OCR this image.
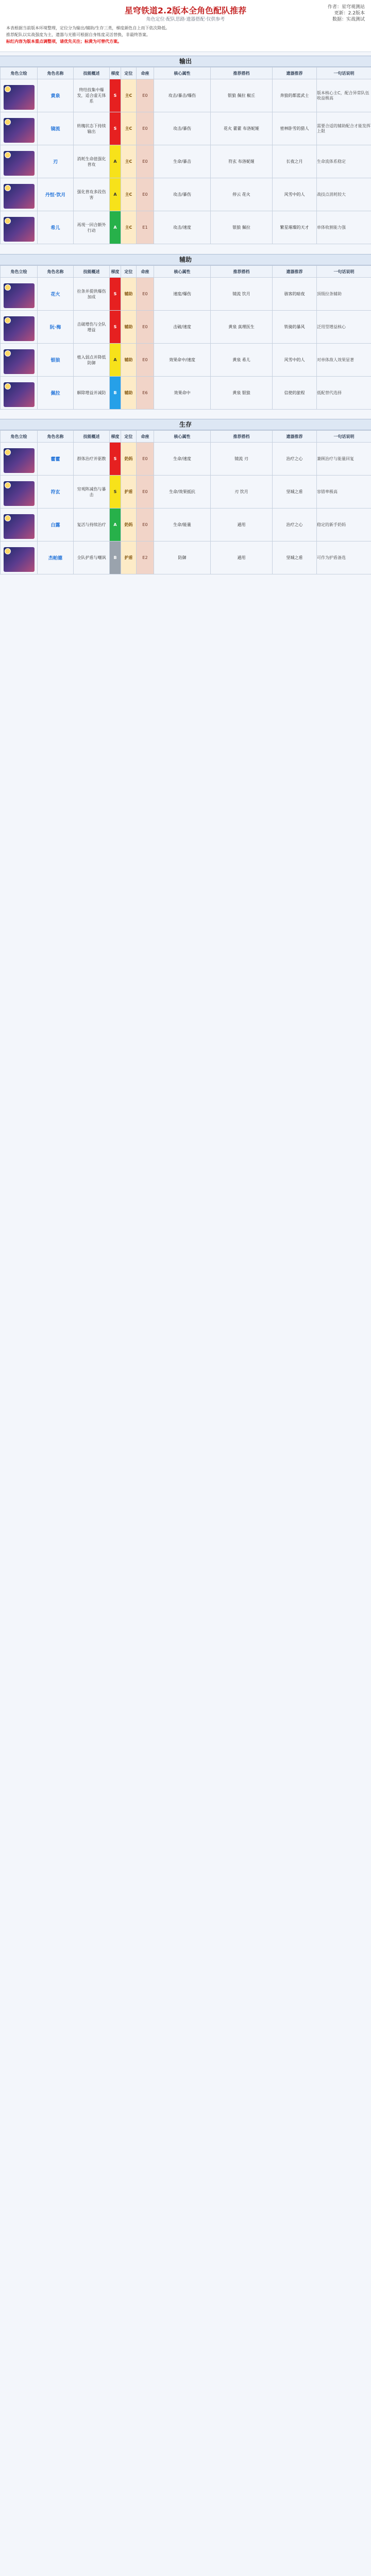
星穹铁道2.2版本全角色配队推荐
角色定位·配队思路·遗器搭配·仅供参考
作者：星穹观测站
更新：2.2版本
数据：实战测试
本表根据当前版本环境整理，定位分为输出/辅助/生存三类，梯度颜色自上而下依次降低。
推荐配队以实战强度为主，遗器与光锥可根据自身练度灵活替换，非最终答案。
标红内容为版本重点调整项，请优先关注；标黄为可替代方案。
输出
角色立绘	角色名称	技能概述	梯度	定位	命座	核心属性	推荐搭档	遗器推荐	一句话说明

	黄泉	终结技集中爆发，适合虚无体系	S	主C	E0	攻击/暴击/爆伤	银狼 佩拉 椒丘	奔狼的都蓝武士	版本核心主C，配合异常队伍收益极高

	镜流	转魄状态下持续输出	S	主C	E0	攻击/暴伤	花火 藿藿 布洛妮娅	密林卧雪的猎人	需要合适的辅助配合才能发挥上限

	刃	消耗生命值强化普攻	A	主C	E0	生命/暴击	符玄 布洛妮娅	长夜之月	生命流体系稳定

	丹恒·饮月	强化普攻多段伤害	A	主C	E0	攻击/暴伤	停云 花火	风雪中的人	战技点消耗较大

	希儿	再现一回合额外行动	A	主C	E1	攻击/速度	银狼 佩拉	繁星璀璨的天才	单体收割能力强
辅助
角色立绘	角色名称	技能概述	梯度	定位	命座	核心属性	推荐搭档	遗器推荐	一句话说明

	花火	拉条并提供爆伤加成	S	辅助	E0	速度/爆伤	镜流 饮月	骇客的暗夜	顶级拉条辅助

	阮·梅	击破增伤与全队增益	S	辅助	E0	击破/速度	黄泉 真理医生	铁骑的暴风	泛用型增益核心

	银狼	植入弱点并降低防御	A	辅助	E0	效果命中/速度	黄泉 希儿	风雪中的人	对单体敌人效果显著

	佩拉	解除增益并减防	B	辅助	E6	效果命中	黄泉 银狼	信使的旅程	低配替代选择
生存
角色立绘	角色名称	技能概述	梯度	定位	命座	核心属性	推荐搭档	遗器推荐	一句话说明

	藿藿	群体治疗并驱散	S	奶妈	E0	生命/速度	镜流 刃	治疗之心	兼顾治疗与能量回复

	符玄	穷观阵减伤与暴击	S	护盾	E0	生命/效果抵抗	刃 饮月	坚城之盾	容错率极高

	白露	复活与持续治疗	A	奶妈	E0	生命/能量	通用	治疗之心	稳定的新手奶妈

	杰帕德	全队护盾与嘲讽	B	护盾	E2	防御	通用	坚城之盾	可作为护盾备选
